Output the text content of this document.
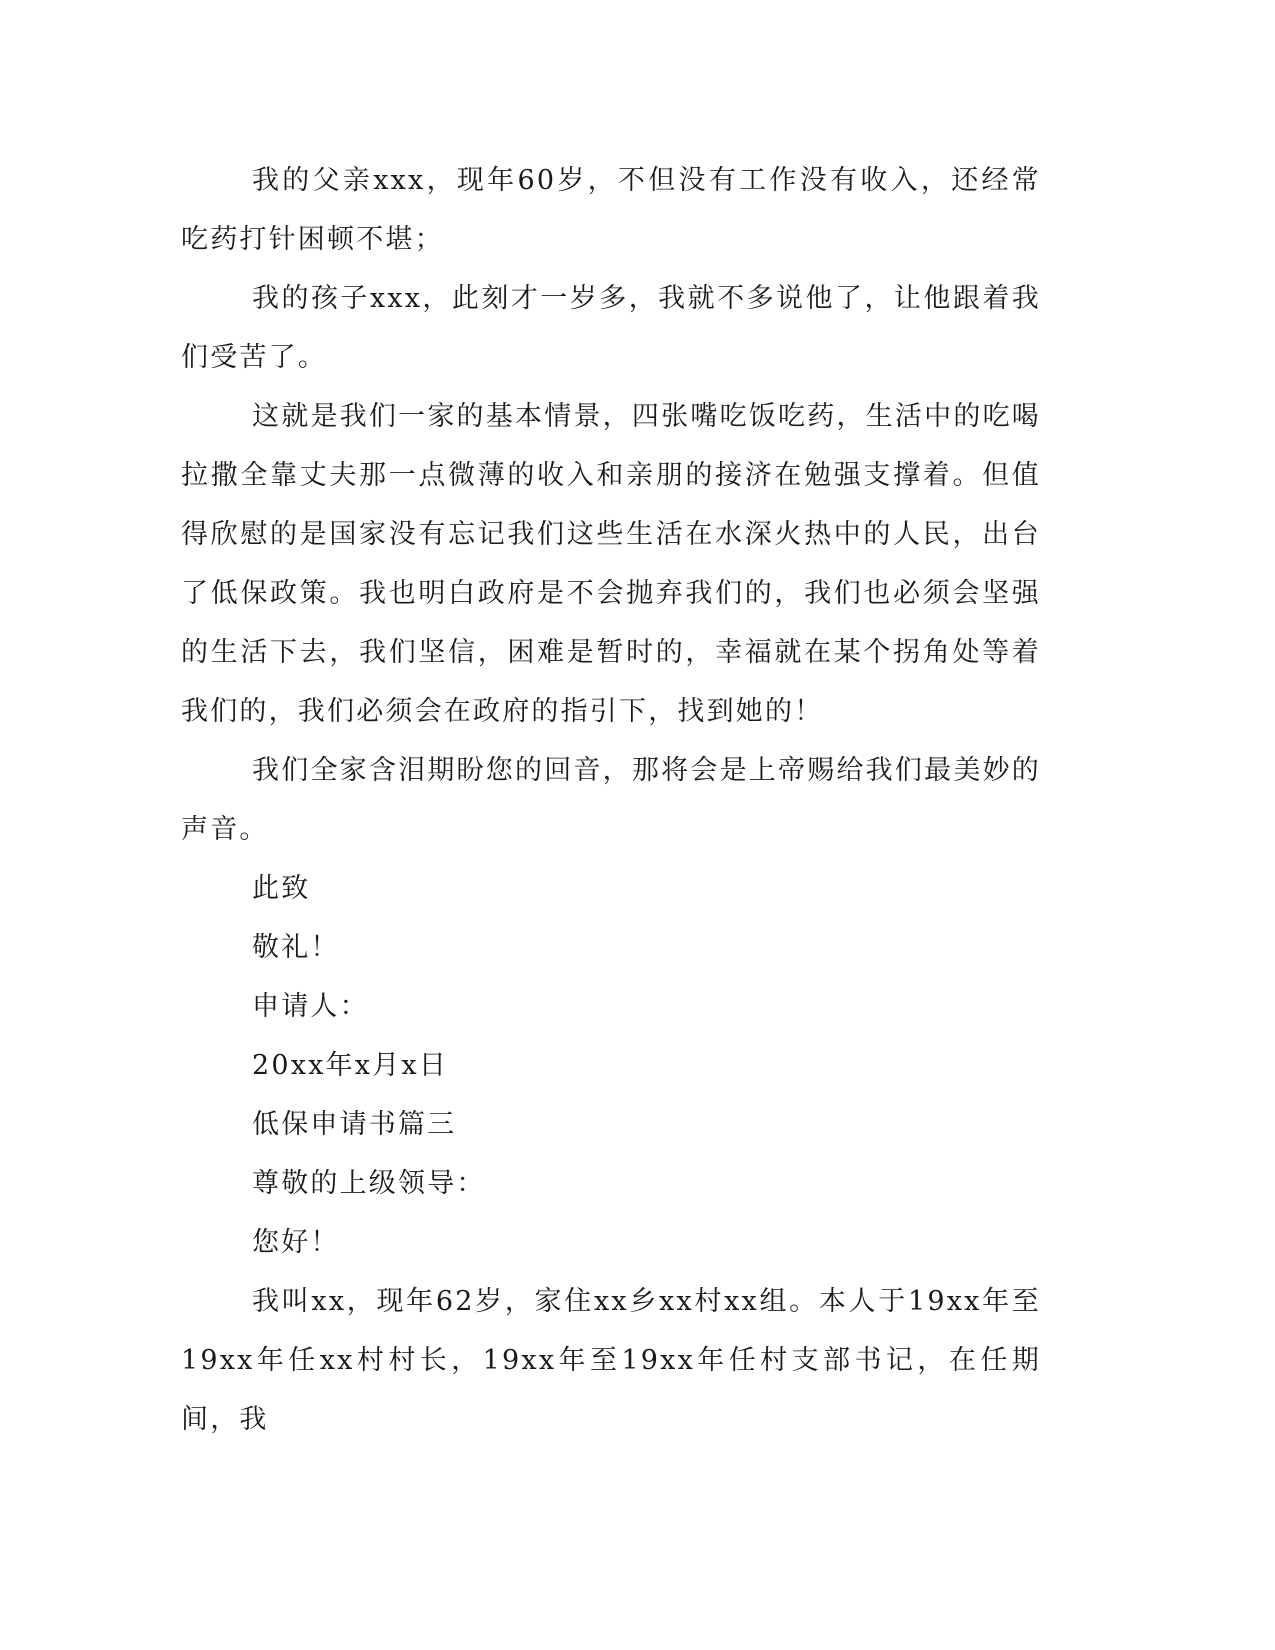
我的父亲xxx，现年60岁，不但没有工作没有收入，还经常吃药打针困顿不堪；

我的孩子xxx，此刻才一岁多，我就不多说他了，让他跟着我们受苦了。

这就是我们一家的基本情景，四张嘴吃饭吃药，生活中的吃喝拉撒全靠丈夫那一点微薄的收入和亲朋的接济在勉强支撑着。但值得欣慰的是国家没有忘记我们这些生活在水深火热中的人民，出台了低保政策。我也明白政府是不会抛弃我们的，我们也必须会坚强的生活下去，我们坚信，困难是暂时的，幸福就在某个拐角处等着我们的，我们必须会在政府的指引下，找到她的！

我们全家含泪期盼您的回音，那将会是上帝赐给我们最美妙的声音。

此致

敬礼！

申请人：

20xx年x月x日

低保申请书篇三

尊敬的上级领导：

您好！

我叫xx，现年62岁，家住xx乡xx村xx组。本人于19xx年至19xx年任xx村村长，19xx年至19xx年任村支部书记，在任期间，我
